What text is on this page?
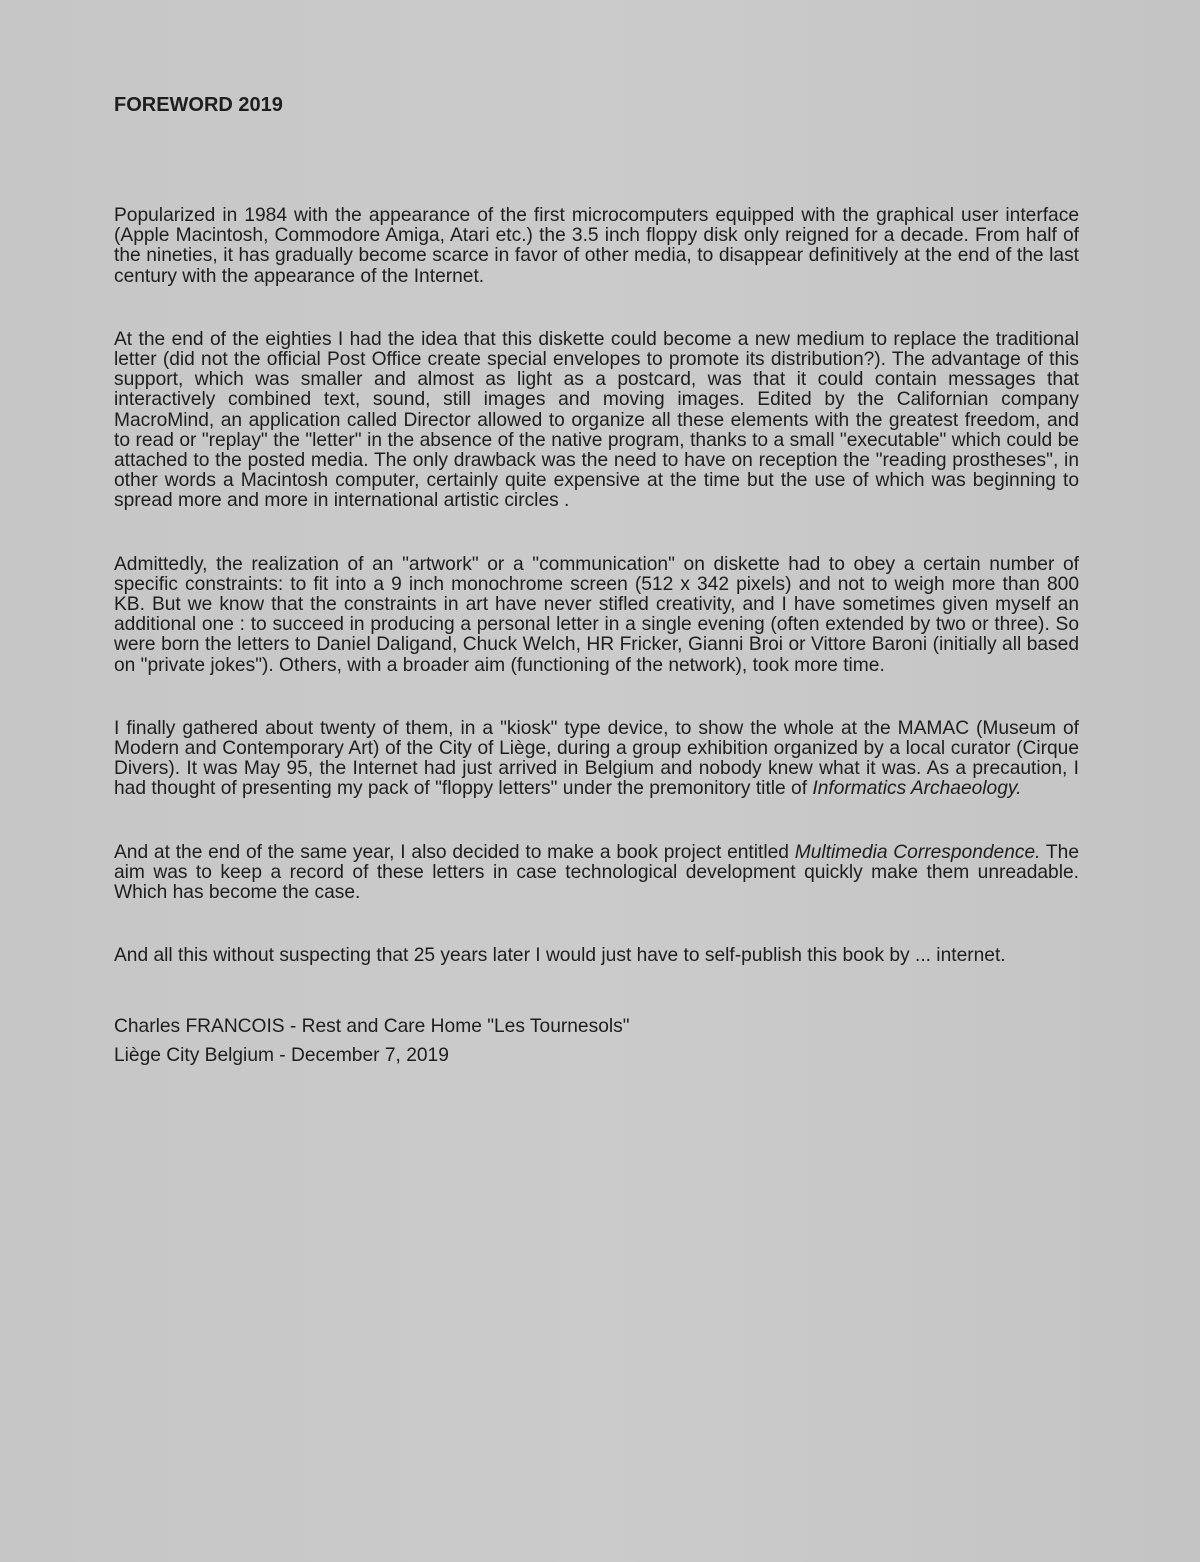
FOREWORD 2019

Popularized in 1984 with the appearance of the first microcomputers equipped with the graphical user interface (Apple Macintosh, Commodore Amiga, Atari etc.) the 3.5 inch floppy disk only reigned for a decade. From half of the nineties, it has gradually become scarce in favor of other media, to disappear definitively at the end of the last century with the appearance of the Internet.

At the end of the eighties I had the idea that this diskette could become a new medium to replace the traditional letter (did not the official Post Office create special envelopes to promote its distribution?). The advantage of this support, which was smaller and almost as light as a postcard, was that it could contain messages that interactively combined text, sound, still images and moving images. Edited by the Californian company MacroMind, an application called Director allowed to organize all these elements with the greatest freedom, and to read or "replay" the "letter" in the absence of the native program, thanks to a small "executable" which could be attached to the posted media. The only drawback was the need to have on reception the "reading prostheses", in other words a Macintosh computer, certainly quite expensive at the time but the use of which was beginning to spread more and more in international artistic circles .

Admittedly, the realization of an "artwork" or a "communication" on diskette had to obey a certain number of specific constraints: to fit into a 9 inch monochrome screen (512 x 342 pixels) and not to weigh more than 800 KB. But we know that the constraints in art have never stifled creativity, and I have sometimes given myself an additional one : to succeed in producing a personal letter in a single evening (often extended by two or three). So were born the letters to Daniel Daligand, Chuck Welch, HR Fricker, Gianni Broi or Vittore Baroni (initially all based on "private jokes"). Others, with a broader aim (functioning of the network), took more time.

I finally gathered about twenty of them, in a "kiosk" type device, to show the whole at the MAMAC (Museum of Modern and Contemporary Art) of the City of Liège, during a group exhibition organized by a local curator (Cirque Divers). It was May 95, the Internet had just arrived in Belgium and nobody knew what it was. As a precaution, I had thought of presenting my pack of "floppy letters" under the premonitory title of Informatics Archaeology.

And at the end of the same year, I also decided to make a book project entitled Multimedia Correspondence. The aim was to keep a record of these letters in case technological development quickly make them unreadable. Which has become the case.

And all this without suspecting that 25 years later I would just have to self-publish this book by ... internet.

Charles FRANCOIS - Rest and Care Home "Les Tournesols"
Liège City Belgium - December 7, 2019
